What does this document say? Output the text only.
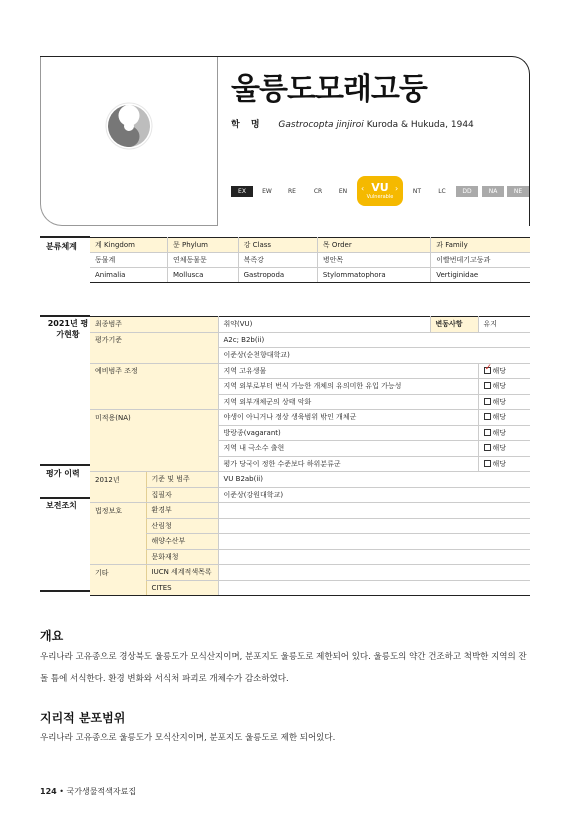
울릉도모래고둥
학 명 Gastrocopta jinjiroi Kuroda & Hukuda, 1944
EX	EW	RE	CR	EN	VU
Vulnerable
‹	›	NT	LC	DD	NA	NE
분류체계	계 Kingdom	문 Phylum	강 Class	목 Order	과 Family
동물계	연체동물문	복족강	병안목	이빨번데기고둥과
Animalia	Mollusca	Gastropoda	Stylommatophora	Vertiginidae
2021년 평가현황
평가 이력
보전조치
최종범주		취약(VU)	변동사항	유지
평가기준		A2c; B2b(ii)		
		이준상(순천향대학교)		
예비범주 조정		지역 고유생물	✓해당
		지역 외부로부터 번식 가능한 개체의 유의미한 유입 가능성		해당
		지역 외부개체군의 상태 악화		해당
미적용(NA)		야생이 아니거나 정상 생육범위 밖인 개체군		해당
		방랑종(vagarant)		해당
		지역 내 극소수 출현		해당
		평가 당국이 정한 수준보다 하위분류군		해당
2012년	기준 및 범주	VU B2ab(ii)		
	집필자	이준상(강원대학교)		
법정보호	환경부			
	산림청			
	해양수산부			
	문화재청			
기타	IUCN 세계적색목록			
	CITES			
개요
우리나라 고유종으로 경상북도 울릉도가 모식산지이며, 분포지도 울릉도로 제한되어 있다. 울릉도의 약간 건조하고 척박한 지역의 잔돌 틈에 서식한다. 환경 변화와 서식처 파괴로 개체수가 감소하였다.
지리적 분포범위
우리나라 고유종으로 울릉도가 모식산지이며, 분포지도 울릉도로 제한 되어있다.
124 • 국가생물적색자료집
